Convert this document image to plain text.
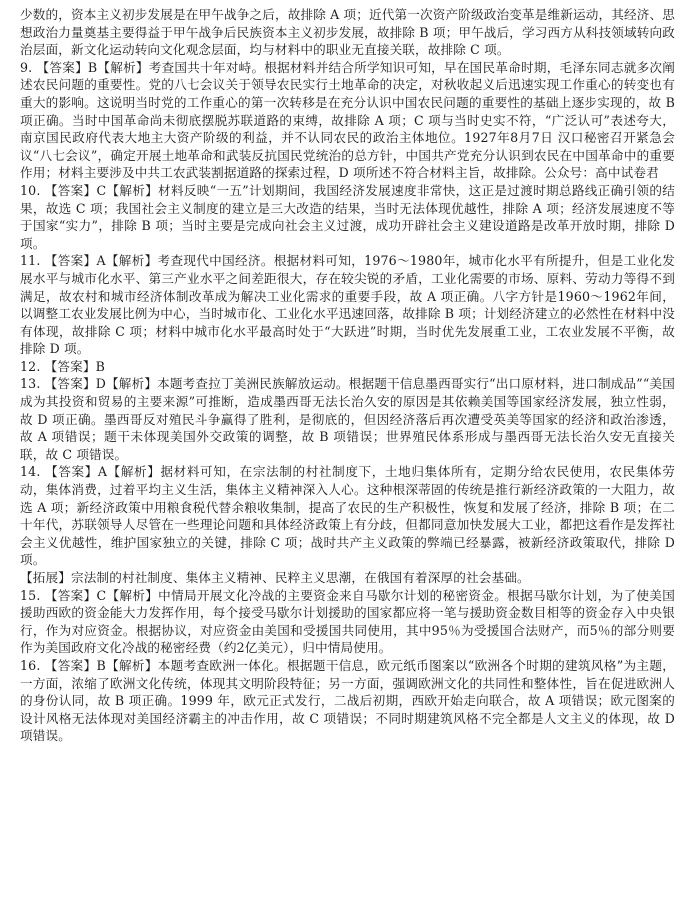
少数的，资本主义初步发展是在甲午战争之后，故排除 A 项；近代第一次资产阶级政治变革是维新运动，其经济、思想政治力量奠基主要得益于甲午战争后民族资本主义初步发展，故排除 B 项；甲午战后，学习西方从科技领域转向政治层面，新文化运动转向文化观念层面，均与材料中的职业无直接关联，故排除 C 项。

9. 【答案】B【解析】考查国共十年对峙。根据材料并结合所学知识可知，早在国民革命时期，毛泽东同志就多次阐述农民问题的重要性。党的八七会议关于领导农民实行土地革命的决定，对秋收起义后迅速实现工作重心的转变也有重大的影响。这说明当时党的工作重心的第一次转移是在充分认识中国农民问题的重要性的基础上逐步实现的，故 B 项正确。当时中国革命尚未彻底摆脱苏联道路的束缚，故排除 A 项；C 项与当时史实不符，“广泛认可”表述夸大，南京国民政府代表大地主大资产阶级的利益，并不认同农民的政治主体地位。1927年8月7日 汉口秘密召开紧急会议“八七会议”，确定开展土地革命和武装反抗国民党统治的总方针，中国共产党充分认识到农民在中国革命中的重要作用；材料主要涉及中共工农武装割据道路的探索过程，D 项所述不符合材料主旨，故排除。公众号：高中试卷君

10. 【答案】C【解析】材料反映“一五”计划期间，我国经济发展速度非常快，这正是过渡时期总路线正确引领的结果，故选 C 项；我国社会主义制度的建立是三大改造的结果，当时无法体现优越性，排除 A 项；经济发展速度不等于国家“实力”，排除 B 项；当时主要是完成向社会主义过渡，成功开辟社会主义建设道路是改革开放时期，排除 D 项。

11. 【答案】A【解析】考查现代中国经济。根据材料可知，1976～1980年，城市化水平有所提升，但是工业化发展水平与城市化水平、第三产业水平之间差距很大，存在较尖锐的矛盾，工业化需要的市场、原料、劳动力等得不到满足，故农村和城市经济体制改革成为解决工业化需求的重要手段，故 A 项正确。八字方针是1960～1962年间，以调整工农业发展比例为中心，当时城市化、工业化水平迅速回落，故排除 B 项；计划经济建立的必然性在材料中没有体现，故排除 C 项；材料中城市化水平最高时处于“大跃进”时期，当时优先发展重工业，工农业发展不平衡，故排除 D 项。

12. 【答案】B

13. 【答案】D【解析】本题考查拉丁美洲民族解放运动。根据题干信息墨西哥实行“出口原材料，进口制成品”“美国成为其投资和贸易的主要来源”可推断，造成墨西哥无法长治久安的原因是其依赖美国等国家经济发展，独立性弱，故 D 项正确。墨西哥反对殖民斗争赢得了胜利，是彻底的，但因经济落后再次遭受英美等国家的经济和政治渗透，故 A 项错误；题干未体现美国外交政策的调整，故 B 项错误；世界殖民体系形成与墨西哥无法长治久安无直接关联，故 C 项错误。

14. 【答案】A【解析】据材料可知，在宗法制的村社制度下，土地归集体所有，定期分给农民使用，农民集体劳动，集体消费，过着平均主义生活，集体主义精神深入人心。这种根深蒂固的传统是推行新经济政策的一大阻力，故选 A 项；新经济政策中用粮食税代替余粮收集制，提高了农民的生产积极性，恢复和发展了经济，排除 B 项；在二十年代，苏联领导人尽管在一些理论问题和具体经济政策上有分歧，但都同意加快发展大工业，都把这看作是发挥社会主义优越性，维护国家独立的关键，排除 C 项；战时共产主义政策的弊端已经暴露，被新经济政策取代，排除 D 项。

【拓展】宗法制的村社制度、集体主义精神、民粹主义思潮，在俄国有着深厚的社会基础。

15. 【答案】C【解析】中情局开展文化冷战的主要资金来自马歇尔计划的秘密资金。根据马歇尔计划，为了使美国援助西欧的资金能大力发挥作用，每个接受马歇尔计划援助的国家都应将一笔与援助资金数目相等的资金存入中央银行，作为对应资金。根据协议，对应资金由美国和受援国共同使用，其中95％为受援国合法财产，而5％的部分则要作为美国政府文化冷战的秘密经费（约2亿美元），归中情局使用。

16. 【答案】B【解析】本题考查欧洲一体化。根据题干信息，欧元纸币图案以“欧洲各个时期的建筑风格”为主题，一方面，浓缩了欧洲文化传统，体现其文明阶段特征；另一方面，强调欧洲文化的共同性和整体性，旨在促进欧洲人的身份认同，故 B 项正确。1999 年，欧元正式发行，二战后初期，西欧开始走向联合，故 A 项错误；欧元图案的设计风格无法体现对美国经济霸主的冲击作用，故 C 项错误；不同时期建筑风格不完全都是人文主义的体现，故 D 项错误。
